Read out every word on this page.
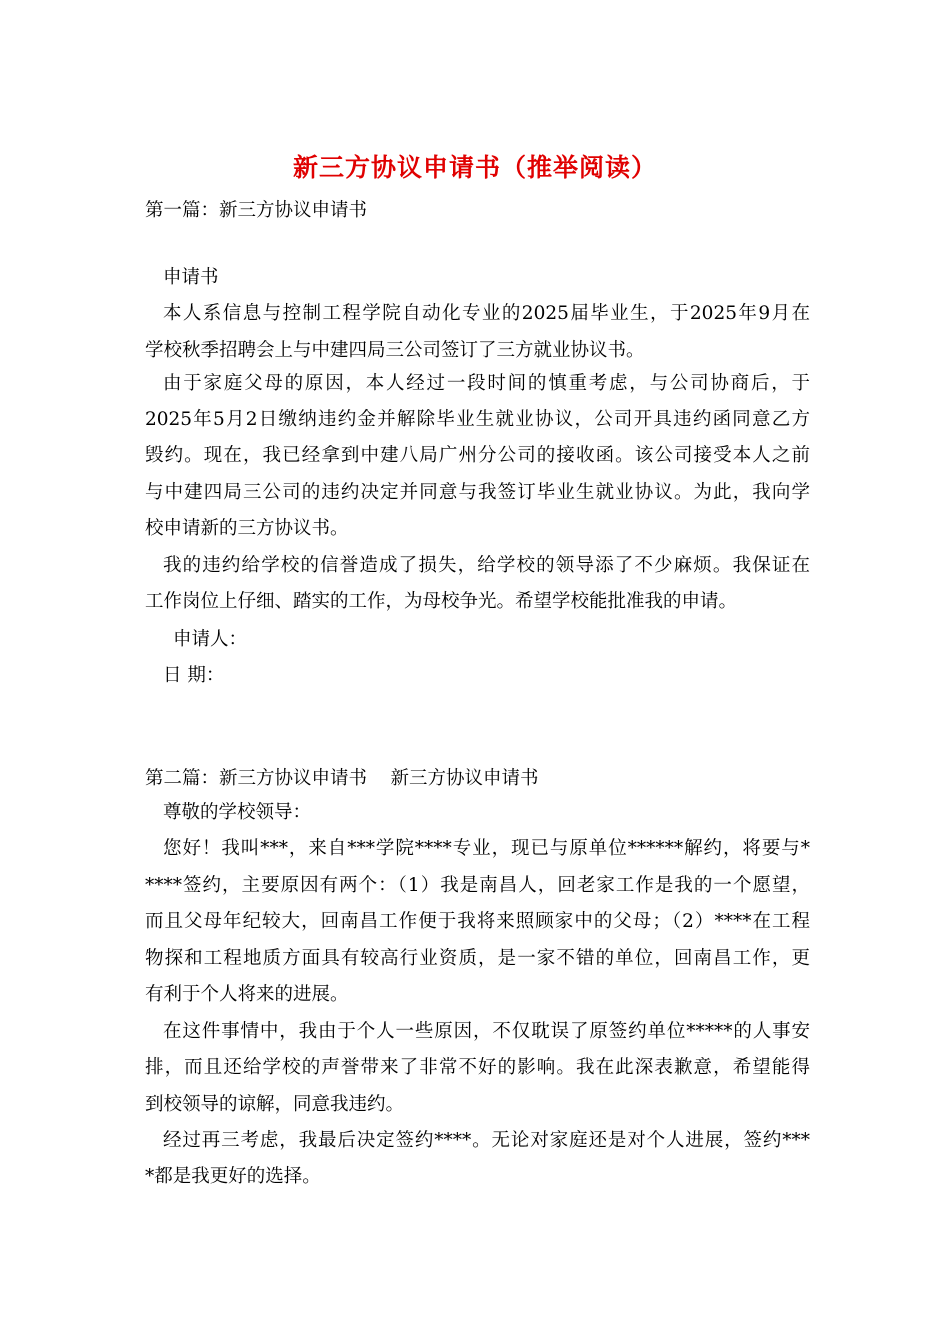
新三方协议申请书（推举阅读）
第一篇：新三方协议申请书
申请书
本人系信息与控制工程学院自动化专业的2025届毕业生，于2025年9月在
学校秋季招聘会上与中建四局三公司签订了三方就业协议书。
由于家庭父母的原因，本人经过一段时间的慎重考虑，与公司协商后，于
2025年5月2日缴纳违约金并解除毕业生就业协议，公司开具违约函同意乙方
毁约。现在，我已经拿到中建八局广州分公司的接收函。该公司接受本人之前
与中建四局三公司的违约决定并同意与我签订毕业生就业协议。为此，我向学
校申请新的三方协议书。
我的违约给学校的信誉造成了损失，给学校的领导添了不少麻烦。我保证在
工作岗位上仔细、踏实的工作，为母校争光。希望学校能批准我的申请。
申请人：
日 期：
第二篇：新三方协议申请书    新三方协议申请书
尊敬的学校领导：
您好！我叫***，来自***学院****专业，现已与原单位******解约，将要与*
****签约，主要原因有两个：（1）我是南昌人，回老家工作是我的一个愿望，
而且父母年纪较大，回南昌工作便于我将来照顾家中的父母；（2）****在工程
物探和工程地质方面具有较高行业资质，是一家不错的单位，回南昌工作，更
有利于个人将来的进展。
在这件事情中，我由于个人一些原因，不仅耽误了原签约单位*****的人事安
排，而且还给学校的声誉带来了非常不好的影响。我在此深表歉意，希望能得
到校领导的谅解，同意我违约。
经过再三考虑，我最后决定签约****。无论对家庭还是对个人进展，签约***
*都是我更好的选择。
